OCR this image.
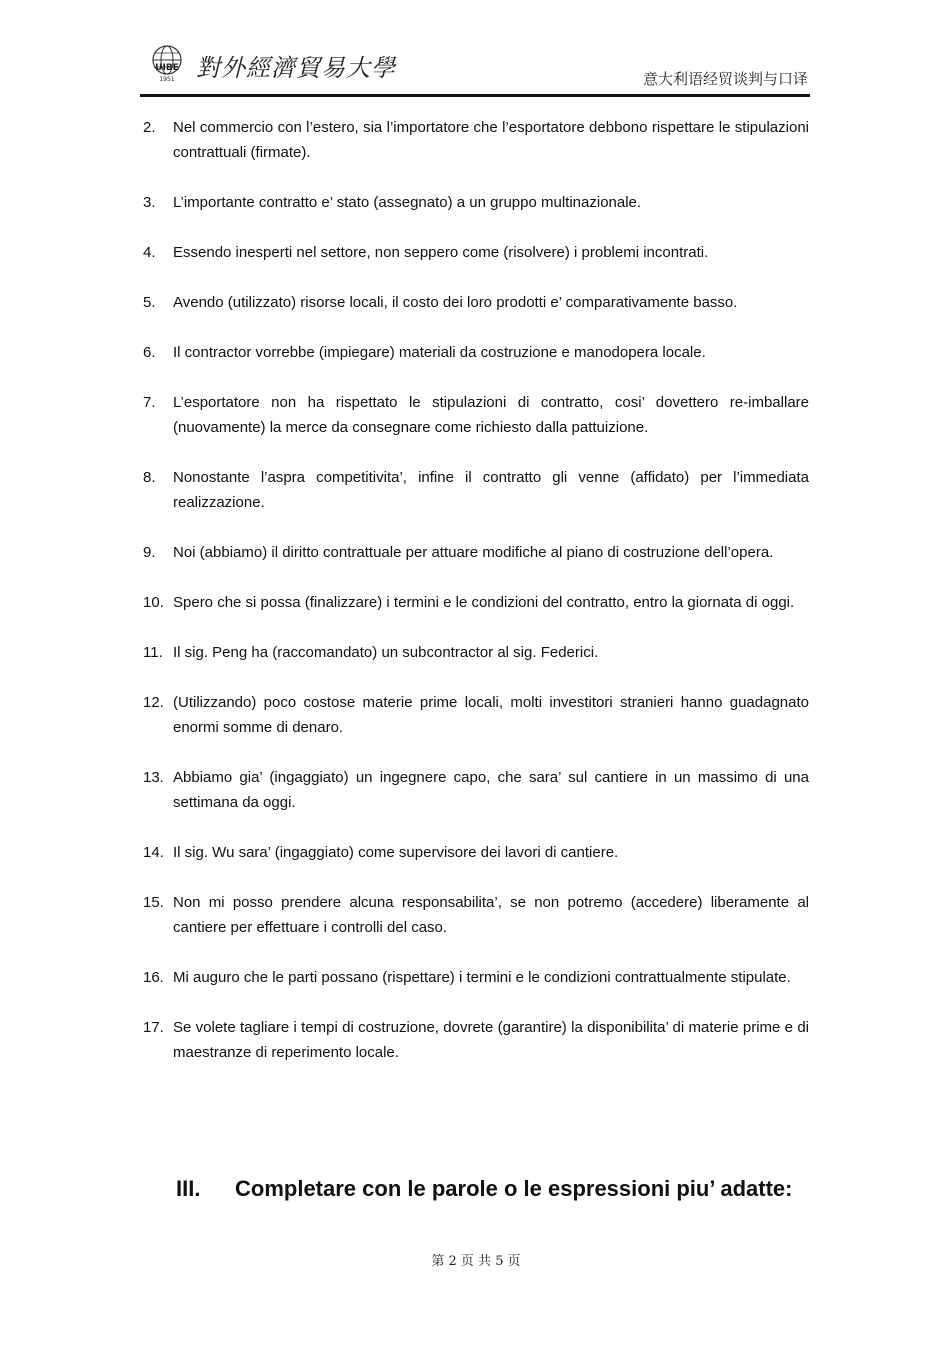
UIBE
1951 對外經濟貿易大學	意大利语经贸谈判与口译
2. Nel commercio con l’estero, sia l’importatore che l’esportatore debbono rispettare le stipulazioni contrattuali (firmate).
3. L’importante contratto e’ stato (assegnato) a un gruppo multinazionale.
4. Essendo inesperti nel settore, non seppero come (risolvere) i problemi incontrati.
5. Avendo (utilizzato) risorse locali, il costo dei loro prodotti e’ comparativamente basso.
6. Il contractor vorrebbe (impiegare) materiali da costruzione e manodopera locale.
7. L’esportatore non ha rispettato le stipulazioni di contratto, cosi’ dovettero re-imballare (nuovamente) la merce da consegnare come richiesto dalla pattuizione.
8. Nonostante l’aspra competitivita’, infine il contratto gli venne (affidato) per l’immediata realizzazione.
9. Noi (abbiamo) il diritto contrattuale per attuare modifiche al piano di costruzione dell’opera.
10. Spero che si possa (finalizzare) i termini e le condizioni del contratto, entro la giornata di oggi.
11. Il sig. Peng ha (raccomandato) un subcontractor al sig. Federici.
12. (Utilizzando) poco costose materie prime locali, molti investitori stranieri hanno guadagnato enormi somme di denaro.
13. Abbiamo gia’ (ingaggiato) un ingegnere capo, che sara’ sul cantiere in un massimo di una settimana da oggi.
14. Il sig. Wu sara’ (ingaggiato) come supervisore dei lavori di cantiere.
15. Non mi posso prendere alcuna responsabilita’, se non potremo (accedere) liberamente al cantiere per effettuare i controlli del caso.
16. Mi auguro che le parti possano (rispettare) i termini e le condizioni contrattualmente stipulate.
17. Se volete tagliare i tempi di costruzione, dovrete (garantire) la disponibilita’ di materie prime e di maestranze di reperimento locale.
III. Completare con le parole o le espressioni piu’ adatte:
第 2 页 共 5 页
